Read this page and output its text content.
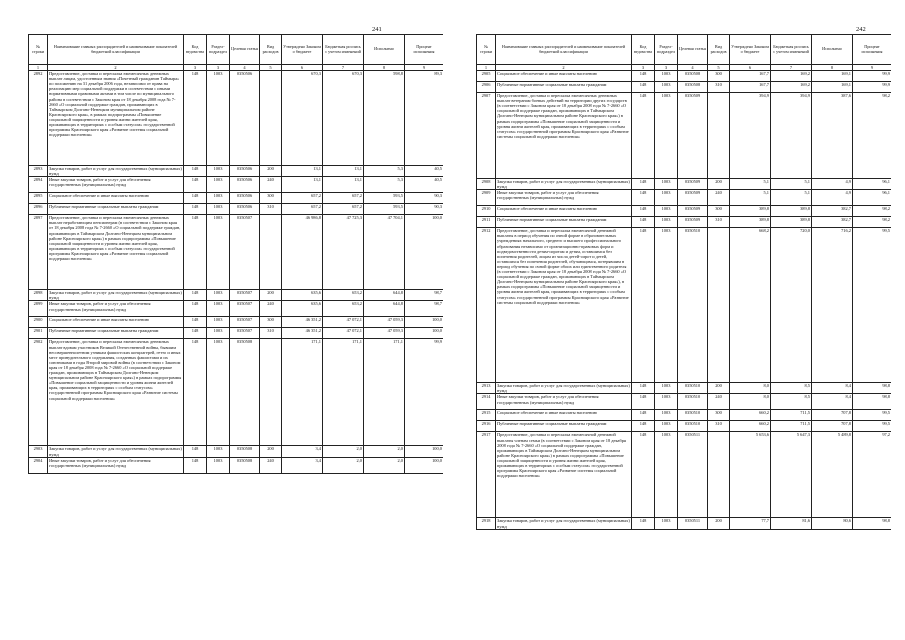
241
№ строки	Наименование главных распорядителей и наименование показателей бюджетной классификации	Код ведомства	Раздел-подраздел	Целевая статья	Вид расходов	Утверждено Законом о бюджете	Бюджетная роспись с учетом изменений	Исполнено	Процент исполнения
1	2	3	3	4	5	6	7	8	9
2892	Предоставление, доставка и пересылка ежемесячных денежных выплат лицам, удостоенным звания «Почетный гражданин Таймыра» по положению на 31 декабря 2006 года, независимо от права на реализацию мер социальной поддержки в соответствии с иными нормативными правовыми актами в том числе по муниципального района в соответствии с Законом края от 18 декабря 2008 года № 7-2660 «О социальной поддержке граждан, проживающих в Таймырском Долгано-Ненецком муниципальном районе Красноярского края», в рамках подпрограммы «Повышение социальной защищенности и уровня жизни жителей края, проживающих в территориях с особым статусом» государственной программы Красноярского края «Развитие системы социальной поддержки населения»	148	1003	0350506		670,3	670,3	598,8	89,3
2893	Закупка товаров, работ и услуг для государственных (муниципальных) нужд	148	1003	0350506	200	13,1	13,1	5,3	40,5
2894	Иные закупки товаров, работ и услуг для обеспечения государственных (муниципальных) нужд	148	1003	0350506	240	13,1	13,1	5,3	40,5
2895	Социальное обеспечение и иные выплаты населению	148	1003	0350506	300	657,2	657,2	593,5	90,3
2896	Публичные нормативные социальные выплаты гражданам	148	1003	0350506	310	657,2	657,2	593,5	90,3
2897	Предоставление, доставка и пересылка ежемесячных денежных выплат неработающим пенсионерам (в соответствии с Законом края от 18 декабря 2008 года № 7-2660 «О социальной поддержке граждан, проживающих в Таймырском Долгано-Ненецком муниципальном районе Красноярского края») в рамках подпрограммы «Повышение социальной защищенности и уровня жизни жителей края, проживающих в территориях с особым статусом» государственной программы Красноярского края «Развитие системы социальной поддержки населения»	148	1003	0350507		46 986,8	47 725,3	47 704,1	100,0
2898	Закупка товаров, работ и услуг для государственных (муниципальных) нужд	148	1003	0350507	200	635,6	653,2	644,8	98,7
2899	Иные закупки товаров, работ и услуг для обеспечения государственных (муниципальных) нужд	148	1003	0350507	240	635,6	653,2	644,8	98,7
2900	Социальное обеспечение и иные выплаты населению	148	1003	0350507	300	46 351,2	47 072,1	47 059,3	100,0
2901	Публичные нормативные социальные выплаты гражданам	148	1003	0350507	310	46 351,2	47 072,1	47 059,3	100,0
2902	Предоставление, доставка и пересылка ежемесячных денежных выплат вдовам участников Великой Отечественной войны, бывшим несовершеннолетним узникам фашистских концлагерей, гетто и иных мест принудительного содержания, созданных фашистами и их союзниками в годы Второй мировой войны (в соответствии с Законом края от 18 декабря 2008 года № 7-2660 «О социальной поддержке граждан, проживающих в Таймырском Долгано-Ненецком муниципальном районе Красноярского края») в рамках подпрограммы «Повышение социальной защищенности и уровня жизни жителей края, проживающих в территориях с особым статусом» государственной программы Красноярского края «Развитие системы социальной поддержки населения»	148	1003	0350508		171,1	171,1	171,1	99,9
2903	Закупка товаров, работ и услуг для государственных (муниципальных) нужд	148	1003	0350508	200	3,4	2,0	2,0	100,0
2904	Иные закупки товаров, работ и услуг для обеспечения государственных (муниципальных) нужд	148	1003	0350508	240	3,4	2,0	2,0	100,0
242
№ строки	Наименование главных распорядителей и наименование показателей бюджетной классификации	Код ведомства	Раздел-подраздел	Целевая статья	Вид расходов	Утверждено Законом о бюджете	Бюджетная роспись с учетом изменений	Исполнено	Процент исполнения
1	2	3	3	4	5	6	7	8	9
2905	Социальное обеспечение и иные выплаты населению	148	1003	0350508	300	167,7	169,2	169,1	99,9
2906	Публичные нормативные социальные выплаты гражданам	148	1003	0350508	310	167,7	169,2	169,1	99,9
2907	Предоставление, доставка и пересылка ежемесячных денежных выплат ветеранам боевых действий на территории других государств (в соответствии с Законом края от 18 декабря 2008 года № 7-2660 «О социальной поддержке граждан, проживающих в Таймырском Долгано-Ненецком муниципальном районе Красноярского края») в рамках подпрограммы «Повышение социальной защищенности и уровня жизни жителей края, проживающих в территориях с особым статусом» государственной программы Красноярского края «Развитие системы социальной поддержки населения»	148	1003	0350509		394,9	394,9	387,6	98,2
2908	Закупка товаров, работ и услуг для государственных (муниципальных) нужд	148	1003	0350509	200	5,1	5,1	4,9	96,1
2909	Иные закупки товаров, работ и услуг для обеспечения государственных (муниципальных) нужд	148	1003	0350509	240	5,1	5,1	4,9	96,1
2910	Социальное обеспечение и иные выплаты населению	148	1003	0350509	300	389,8	389,8	382,7	98,2
2911	Публичные нормативные социальные выплаты гражданам	148	1003	0350509	310	389,8	389,8	382,7	98,2
2912	Предоставление, доставка и пересылка ежемесячной денежной выплаты в период обучения по очной форме в образовательных учреждениях начального, среднего и высшего профессионального образования независимо от организационно-правовых форм и подведомственности детям-сиротам и детям, оставшимся без попечения родителей, лицам из числа детей-сирот и детей, оставшихся без попечения родителей, обучающимся, потерявшим в период обучения по очной форме обоих или единственного родителя (в соответствии с Законом края от 18 декабря 2008 года № 7-2660 «О социальной поддержке граждан, проживающих в Таймырском Долгано-Ненецком муниципальном районе Красноярского края»), в рамках подпрограммы «Повышение социальной защищенности и уровня жизни жителей края, проживающих в территориях с особым статусом» государственной программы Красноярского края «Развитие системы социальной поддержки населения»	148	1003	0350510		668,2	720,0	716,2	99,5
2913	Закупка товаров, работ и услуг для государственных (муниципальных) нужд	148	1003	0350510	200	8,0	8,5	8,4	98,8
2914	Иные закупки товаров, работ и услуг для обеспечения государственных (муниципальных) нужд	148	1003	0350510	240	8,0	8,5	8,4	98,8
2915	Социальное обеспечение и иные выплаты населению	148	1003	0350510	300	660,2	711,5	707,8	99,5
2916	Публичные нормативные социальные выплаты гражданам	148	1003	0350510	310	660,2	711,5	707,8	99,5
2917	Предоставление, доставка и пересылка ежемесячной денежной выплаты членам семьи (в соответствии с Законом края от 18 декабря 2008 года № 7-2660 «О социальной поддержке граждан, проживающих в Таймырском Долгано-Ненецком муниципальном районе Красноярского края») в рамках подпрограммы «Повышение социальной защищенности и уровня жизни жителей края, проживающих в территориях с особым статусом» государственной программы Красноярского края «Развитие системы социальной поддержки населения»	148	1003	0350511		5 653,6	5 647,3	5 489,8	97,2
2918	Закупка товаров, работ и услуг для государственных (муниципальных) нужд	148	1003	0350511	200	77,7	81,6	80,6	98,8
